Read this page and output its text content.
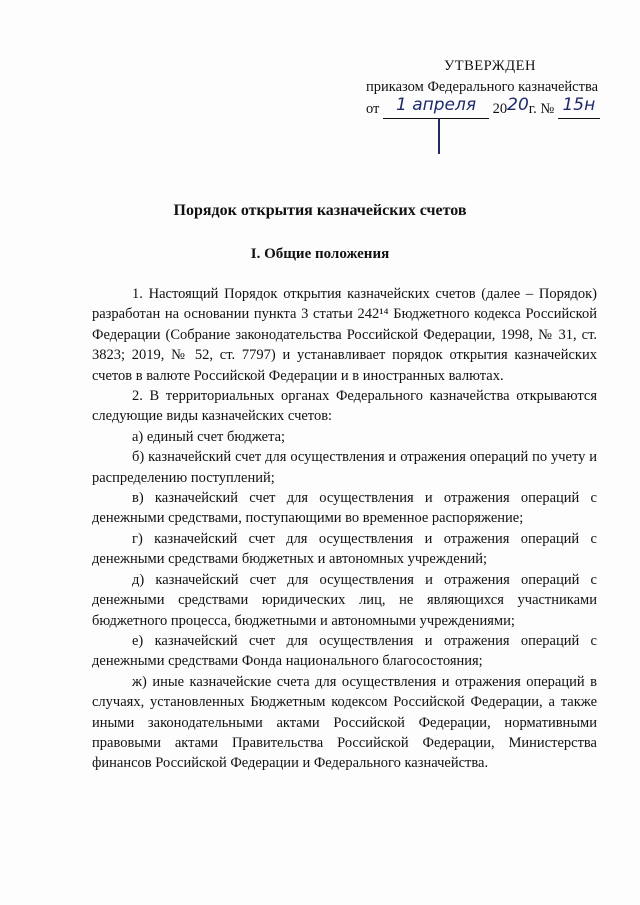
УТВЕРЖДЕН
приказом Федерального казначейства
от 1 апреля 2020г. № 15н
Порядок открытия казначейских счетов
I. Общие положения

1. Настоящий Порядок открытия казначейских счетов (далее – Порядок) разработан на основании пункта 3 статьи 242¹⁴ Бюджетного кодекса Российской Федерации (Собрание законодательства Российской Федерации, 1998, № 31, ст. 3823; 2019, № 52, ст. 7797) и устанавливает порядок открытия казначейских счетов в валюте Российской Федерации и в иностранных валютах.

2. В территориальных органах Федерального казначейства открываются следующие виды казначейских счетов:

а) единый счет бюджета;

б) казначейский счет для осуществления и отражения операций по учету и распределению поступлений;

в) казначейский счет для осуществления и отражения операций с денежными средствами, поступающими во временное распоряжение;

г) казначейский счет для осуществления и отражения операций с денежными средствами бюджетных и автономных учреждений;

д) казначейский счет для осуществления и отражения операций с денежными средствами юридических лиц, не являющихся участниками бюджетного процесса, бюджетными и автономными учреждениями;

е) казначейский счет для осуществления и отражения операций с денежными средствами Фонда национального благосостояния;

ж) иные казначейские счета для осуществления и отражения операций в случаях, установленных Бюджетным кодексом Российской Федерации, а также иными законодательными актами Российской Федерации, нормативными правовыми актами Правительства Российской Федерации, Министерства финансов Российской Федерации и Федерального казначейства.
